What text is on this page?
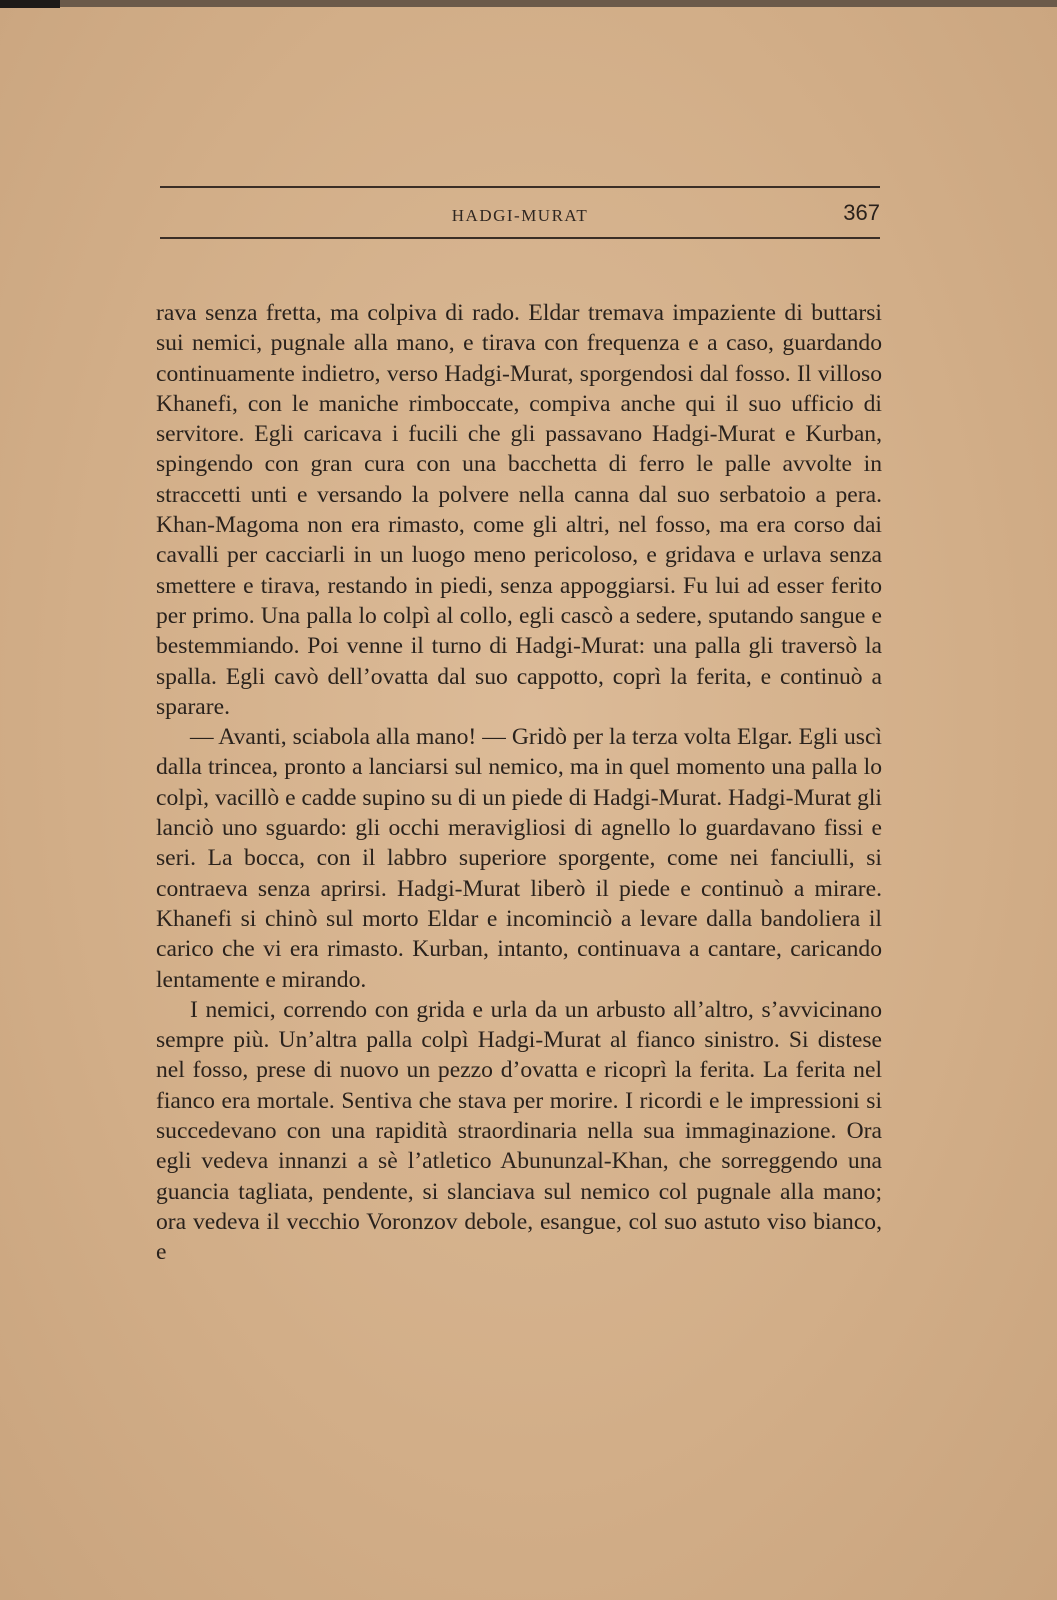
HADGI-MURAT	367

rava senza fretta, ma colpiva di rado. Eldar tremava impaziente di buttarsi sui nemici, pugnale alla mano, e tirava con frequenza e a caso, guardando continuamente indietro, verso Hadgi-Murat, sporgendosi dal fosso. Il villoso Khanefi, con le maniche rimboccate, compiva anche qui il suo ufficio di servitore. Egli caricava i fucili che gli passavano Hadgi-Murat e Kurban, spingendo con gran cura con una bacchetta di ferro le palle avvolte in straccetti unti e versando la polvere nella canna dal suo serbatoio a pera. Khan-Magoma non era rimasto, come gli altri, nel fosso, ma era corso dai cavalli per cacciarli in un luogo meno pericoloso, e gridava e urlava senza smettere e tirava, restando in piedi, senza appoggiarsi. Fu lui ad esser ferito per primo. Una palla lo colpì al collo, egli cascò a sedere, sputando sangue e bestemmiando. Poi venne il turno di Hadgi-Murat: una palla gli traversò la spalla. Egli cavò dell’ovatta dal suo cappotto, coprì la ferita, e continuò a sparare.

— Avanti, sciabola alla mano! — Gridò per la terza volta Elgar. Egli uscì dalla trincea, pronto a lanciarsi sul nemico, ma in quel momento una palla lo colpì, vacillò e cadde supino su di un piede di Hadgi-Murat. Hadgi-Murat gli lanciò uno sguardo: gli occhi meravigliosi di agnello lo guardavano fissi e seri. La bocca, con il labbro superiore sporgente, come nei fanciulli, si contraeva senza aprirsi. Hadgi-Murat liberò il piede e continuò a mirare. Khanefi si chinò sul morto Eldar e incominciò a levare dalla bandoliera il carico che vi era rimasto. Kurban, intanto, continuava a cantare, caricando lentamente e mirando.

I nemici, correndo con grida e urla da un arbusto all’altro, s’avvicinano sempre più. Un’altra palla colpì Hadgi-Murat al fianco sinistro. Si distese nel fosso, prese di nuovo un pezzo d’ovatta e ricoprì la ferita. La ferita nel fianco era mortale. Sentiva che stava per morire. I ricordi e le impressioni si succedevano con una rapidità straordinaria nella sua immaginazione. Ora egli vedeva innanzi a sè l’atletico Abununzal-Khan, che sorreggendo una guancia tagliata, pendente, si slanciava sul nemico col pugnale alla mano; ora vedeva il vecchio Voronzov debole, esangue, col suo astuto viso bianco, e
